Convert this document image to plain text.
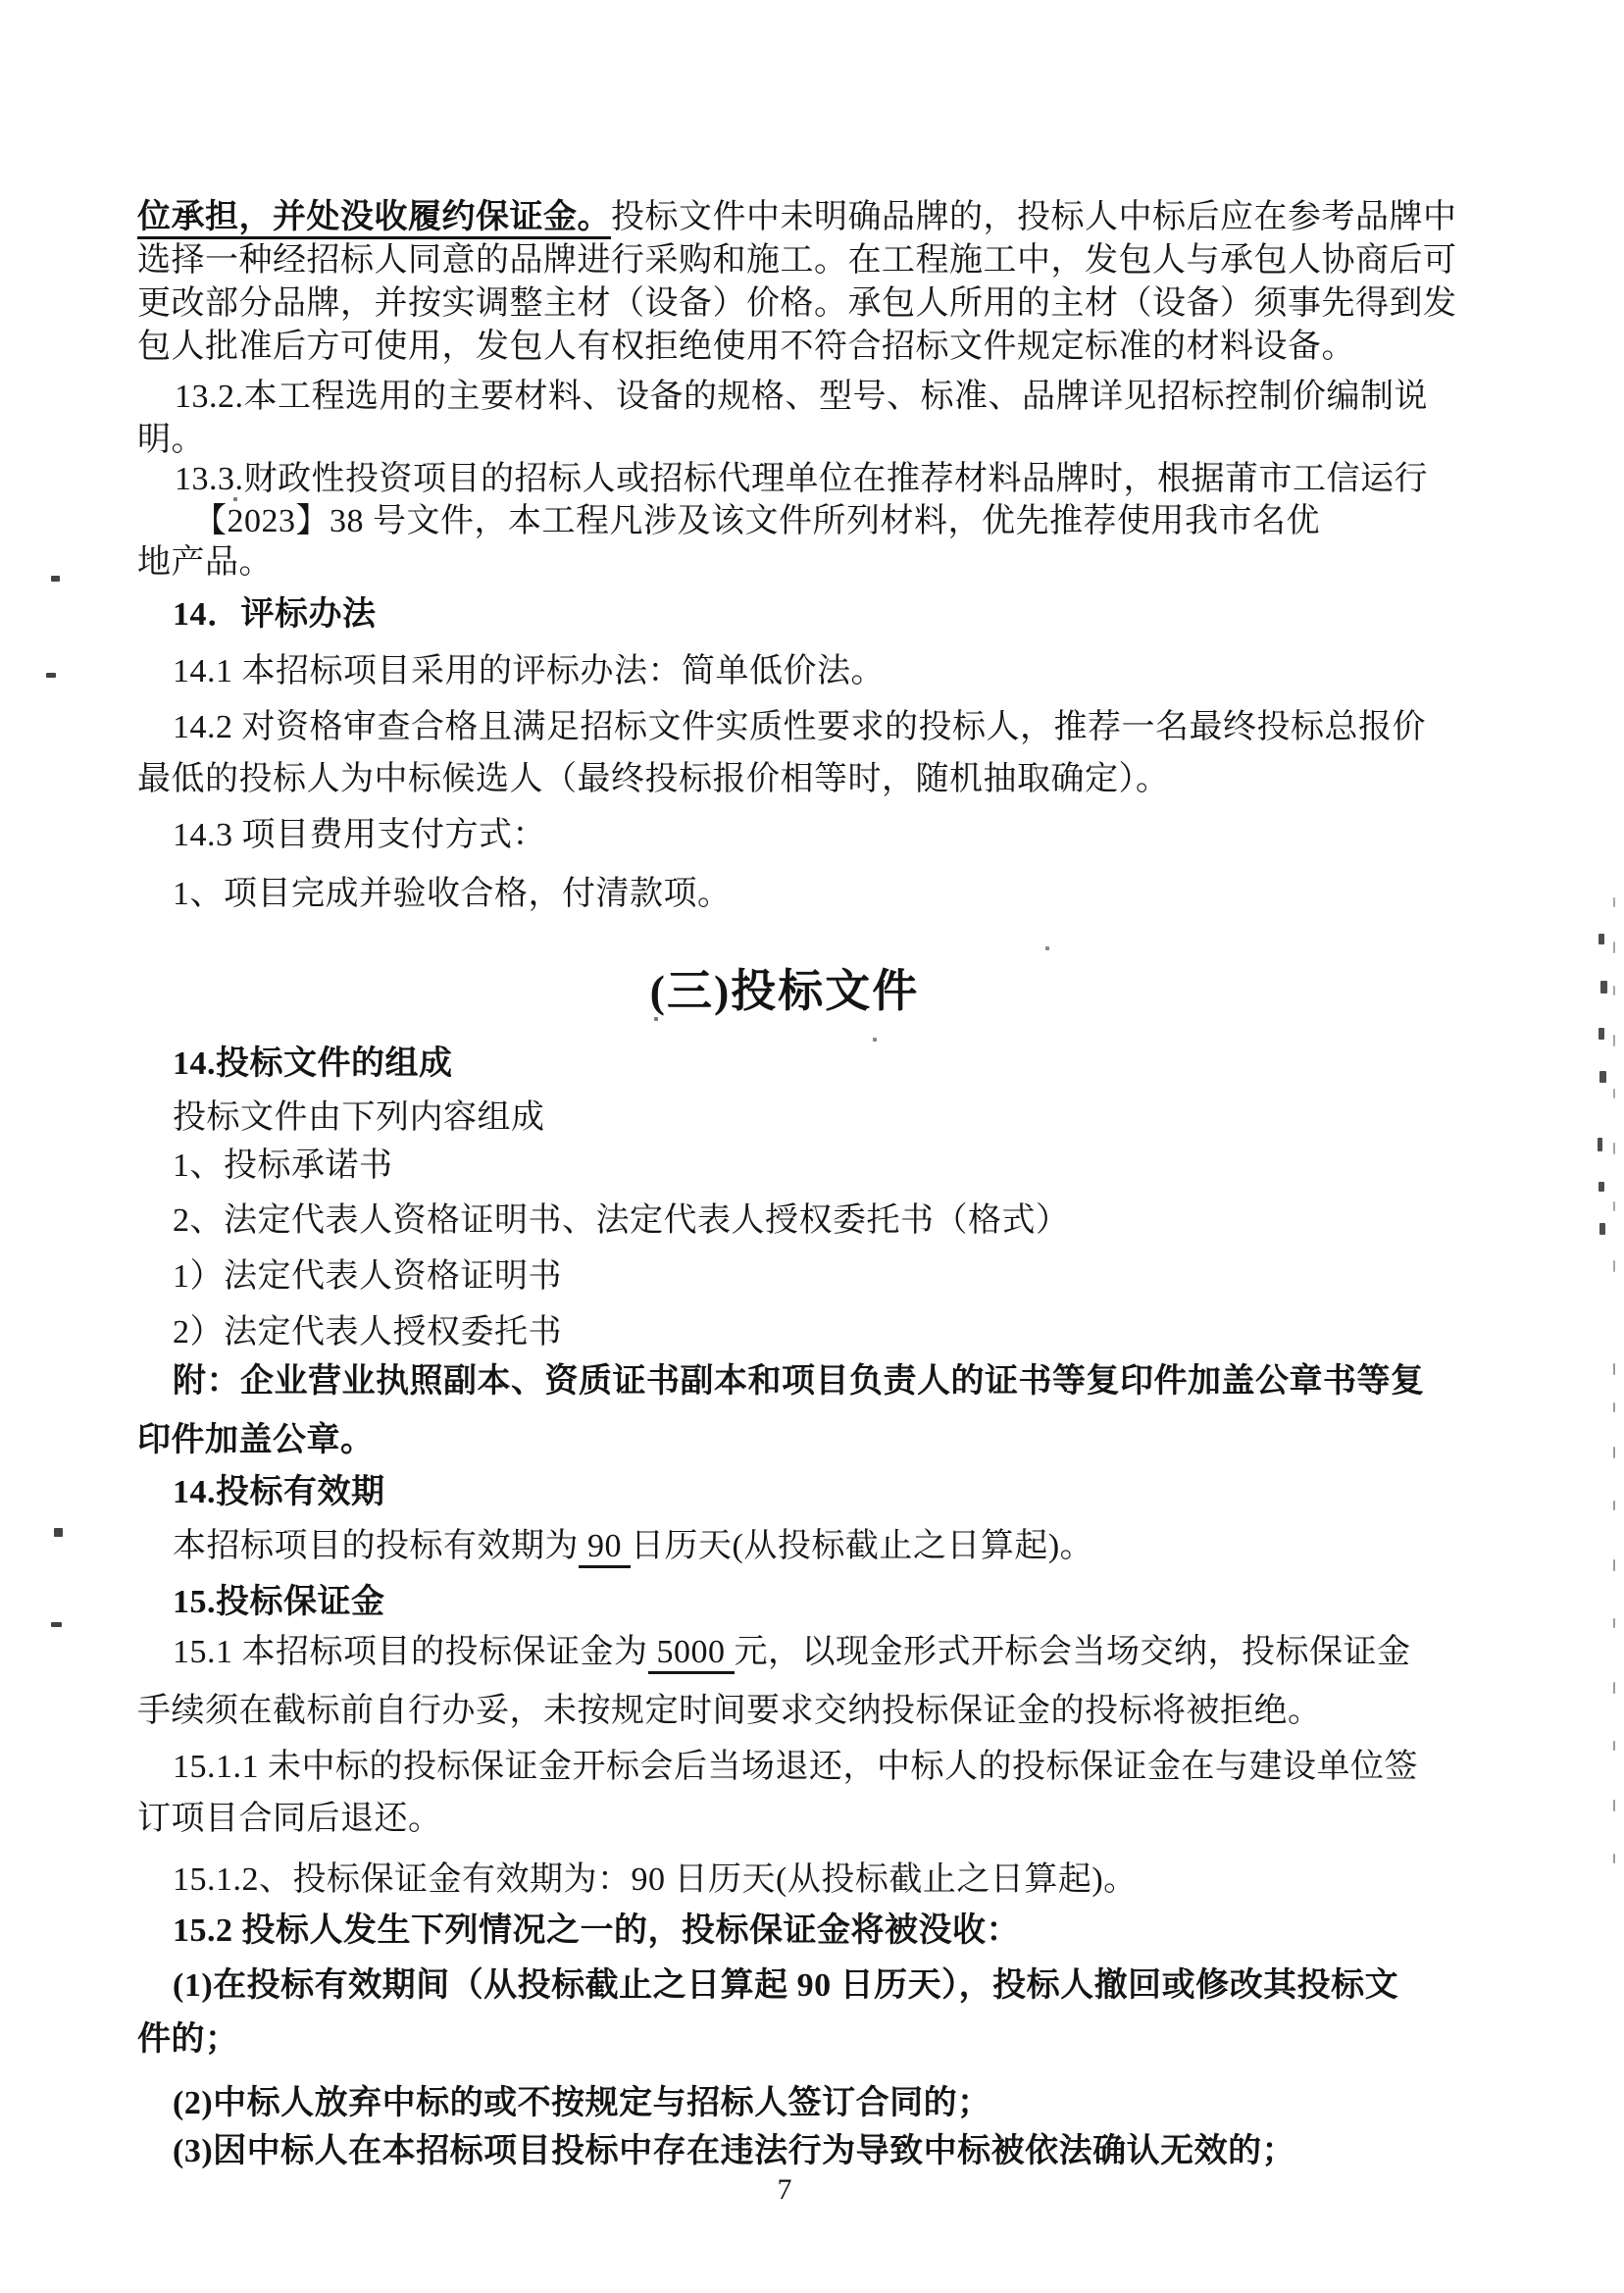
(三)投标文件
位承担，并处没收履约保证金。投标文件中未明确品牌的，投标人中标后应在参考品牌中
选择一种经招标人同意的品牌进行采购和施工。在工程施工中，发包人与承包人协商后可
更改部分品牌，并按实调整主材（设备）价格。承包人所用的主材（设备）须事先得到发
包人批准后方可使用，发包人有权拒绝使用不符合招标文件规定标准的材料设备。
13.2.本工程选用的主要材料、设备的规格、型号、标准、品牌详见招标控制价编制说
明。
13.3.财政性投资项目的招标人或招标代理单位在推荐材料品牌时，根据莆市工信运行
【2023】38 号文件，本工程凡涉及该文件所列材料，优先推荐使用我市名优
地产品。
14．评标办法
14.1 本招标项目采用的评标办法：简单低价法。
14.2 对资格审查合格且满足招标文件实质性要求的投标人，推荐一名最终投标总报价
最低的投标人为中标候选人（最终投标报价相等时，随机抽取确定）。
14.3 项目费用支付方式：
1、项目完成并验收合格，付清款项。
14.投标文件的组成
投标文件由下列内容组成
1、投标承诺书
2、法定代表人资格证明书、法定代表人授权委托书（格式）
1）法定代表人资格证明书
2）法定代表人授权委托书
附：企业营业执照副本、资质证书副本和项目负责人的证书等复印件加盖公章书等复
印件加盖公章。
14.投标有效期
本招标项目的投标有效期为 90 日历天(从投标截止之日算起)。
15.投标保证金
15.1 本招标项目的投标保证金为 5000 元，以现金形式开标会当场交纳，投标保证金
手续须在截标前自行办妥，未按规定时间要求交纳投标保证金的投标将被拒绝。
15.1.1 未中标的投标保证金开标会后当场退还，中标人的投标保证金在与建设单位签
订项目合同后退还。
15.1.2、投标保证金有效期为：90 日历天(从投标截止之日算起)。
15.2 投标人发生下列情况之一的，投标保证金将被没收：
(1)在投标有效期间（从投标截止之日算起 90 日历天），投标人撤回或修改其投标文
件的；
(2)中标人放弃中标的或不按规定与招标人签订合同的；
(3)因中标人在本招标项目投标中存在违法行为导致中标被依法确认无效的；
7
